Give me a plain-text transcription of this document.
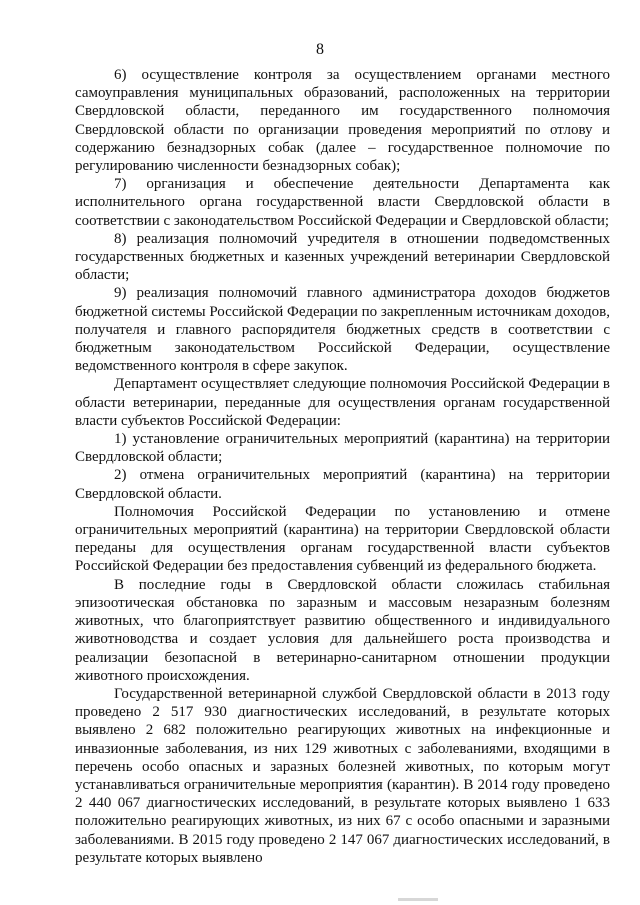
8

6) осуществление контроля за осуществлением органами местного самоуправления муниципальных образований, расположенных на территории Свердловской области, переданного им государственного полномочия Свердловской области по организации проведения мероприятий по отлову и содержанию безнадзорных собак (далее – государственное полномочие по регулированию численности безнадзорных собак);

7) организация и обеспечение деятельности Департамента как исполнительного органа государственной власти Свердловской области в соответствии с законодательством Российской Федерации и Свердловской области;

8) реализация полномочий учредителя в отношении подведомственных государственных бюджетных и казенных учреждений ветеринарии Свердловской области;

9) реализация полномочий главного администратора доходов бюджетов бюджетной системы Российской Федерации по закрепленным источникам доходов, получателя и главного распорядителя бюджетных средств в соответствии с бюджетным законодательством Российской Федерации, осуществление ведомственного контроля в сфере закупок.

Департамент осуществляет следующие полномочия Российской Федерации в области ветеринарии, переданные для осуществления органам государственной власти субъектов Российской Федерации:

1) установление ограничительных мероприятий (карантина) на территории Свердловской области;

2) отмена ограничительных мероприятий (карантина) на территории Свердловской области.

Полномочия Российской Федерации по установлению и отмене ограничительных мероприятий (карантина) на территории Свердловской области переданы для осуществления органам государственной власти субъектов Российской Федерации без предоставления субвенций из федерального бюджета.

В последние годы в Свердловской области сложилась стабильная эпизоотическая обстановка по заразным и массовым незаразным болезням животных, что благоприятствует развитию общественного и индивидуального животноводства и создает условия для дальнейшего роста производства и реализации безопасной в ветеринарно-санитарном отношении продукции животного происхождения.

Государственной ветеринарной службой Свердловской области в 2013 году проведено 2 517 930 диагностических исследований, в результате которых выявлено 2 682 положительно реагирующих животных на инфекционные и инвазионные заболевания, из них 129 животных с заболеваниями, входящими в перечень особо опасных и заразных болезней животных, по которым могут устанавливаться ограничительные мероприятия (карантин). В 2014 году проведено 2 440 067 диагностических исследований, в результате которых выявлено 1 633 положительно реагирующих животных, из них 67 с особо опасными и заразными заболеваниями. В 2015 году проведено 2 147 067 диагностических исследований, в результате которых выявлено
